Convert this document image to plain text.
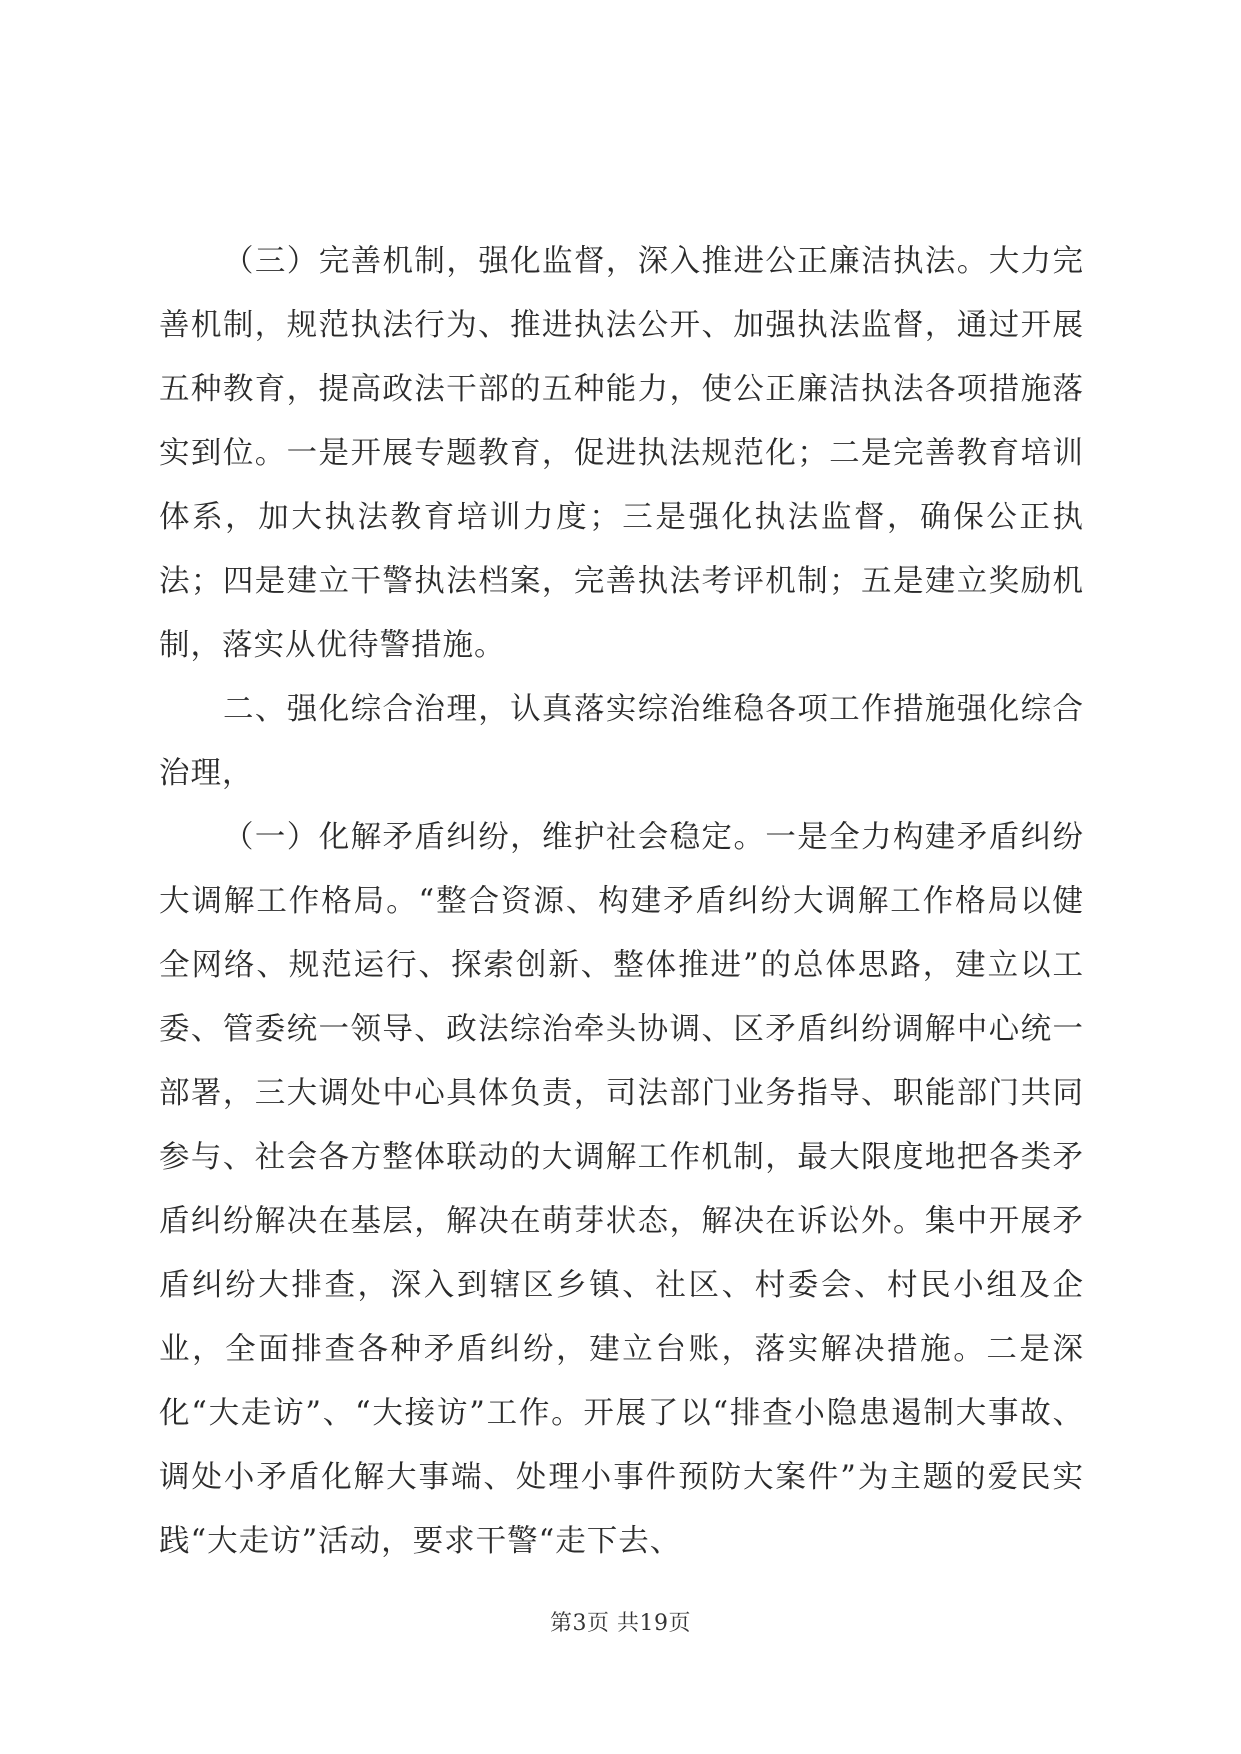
（三）完善机制，强化监督，深入推进公正廉洁执法。大力完善机制，规范执法行为、推进执法公开、加强执法监督，通过开展五种教育，提高政法干部的五种能力，使公正廉洁执法各项措施落实到位。一是开展专题教育，促进执法规范化；二是完善教育培训体系，加大执法教育培训力度；三是强化执法监督，确保公正执法；四是建立干警执法档案，完善执法考评机制；五是建立奖励机制，落实从优待警措施。

二、强化综合治理，认真落实综治维稳各项工作措施强化综合治理，

（一）化解矛盾纠纷，维护社会稳定。一是全力构建矛盾纠纷大调解工作格局。“整合资源、构建矛盾纠纷大调解工作格局以健全网络、规范运行、探索创新、整体推进”的总体思路，建立以工委、管委统一领导、政法综治牵头协调、区矛盾纠纷调解中心统一部署，三大调处中心具体负责，司法部门业务指导、职能部门共同参与、社会各方整体联动的大调解工作机制，最大限度地把各类矛盾纠纷解决在基层，解决在萌芽状态，解决在诉讼外。集中开展矛盾纠纷大排查，深入到辖区乡镇、社区、村委会、村民小组及企业，全面排查各种矛盾纠纷，建立台账，落实解决措施。二是深化“大走访”、“大接访”工作。开展了以“排查小隐患遏制大事故、调处小矛盾化解大事端、处理小事件预防大案件”为主题的爱民实践“大走访”活动，要求干警“走下去、

第3页 共19页
